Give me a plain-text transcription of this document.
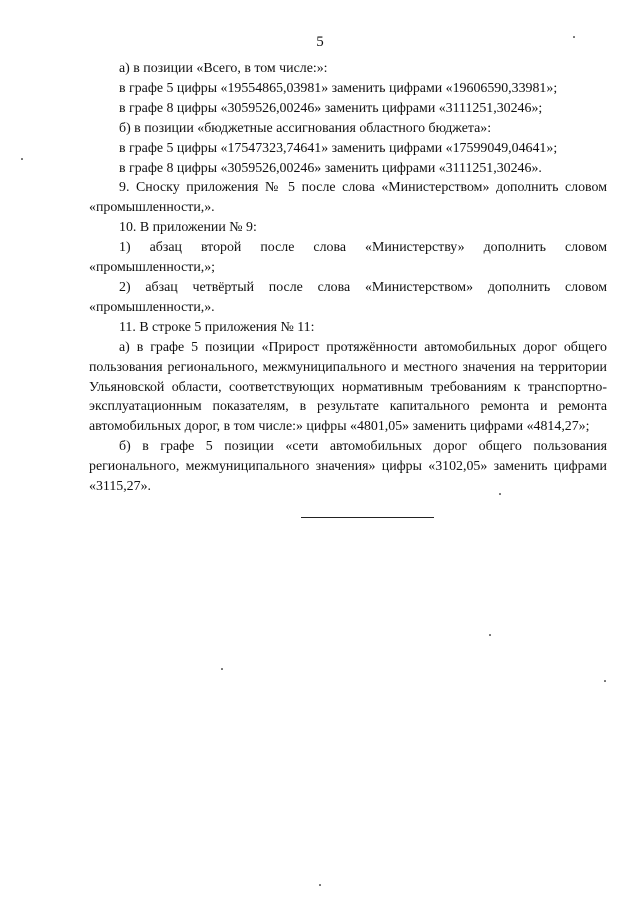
5

а) в позиции «Всего, в том числе:»:

в графе 5 цифры «19554865,03981» заменить цифрами «19606590,33981»;

в графе 8 цифры «3059526,00246» заменить цифрами «3111251,30246»;

б) в позиции «бюджетные ассигнования областного бюджета»:

в графе 5 цифры «17547323,74641» заменить цифрами «17599049,04641»;

в графе 8 цифры «3059526,00246» заменить цифрами «3111251,30246».

9. Сноску приложения № 5 после слова «Министерством» дополнить словом «промышленности,».

10. В приложении № 9:

1) абзац второй после слова «Министерству» дополнить словом «промышленности,»;

2) абзац четвёртый после слова «Министерством» дополнить словом «промышленности,».

11. В строке 5 приложения № 11:

а) в графе 5 позиции «Прирост протяжённости автомобильных дорог общего пользования регионального, межмуниципального и местного значения на территории Ульяновской области, соответствующих нормативным требованиям к транспортно-эксплуатационным показателям, в результате капитального ремонта и ремонта автомобильных дорог, в том числе:» цифры «4801,05» заменить цифрами «4814,27»;

б) в графе 5 позиции «сети автомобильных дорог общего пользования регионального, межмуниципального значения» цифры «3102,05» заменить цифрами «3115,27».
